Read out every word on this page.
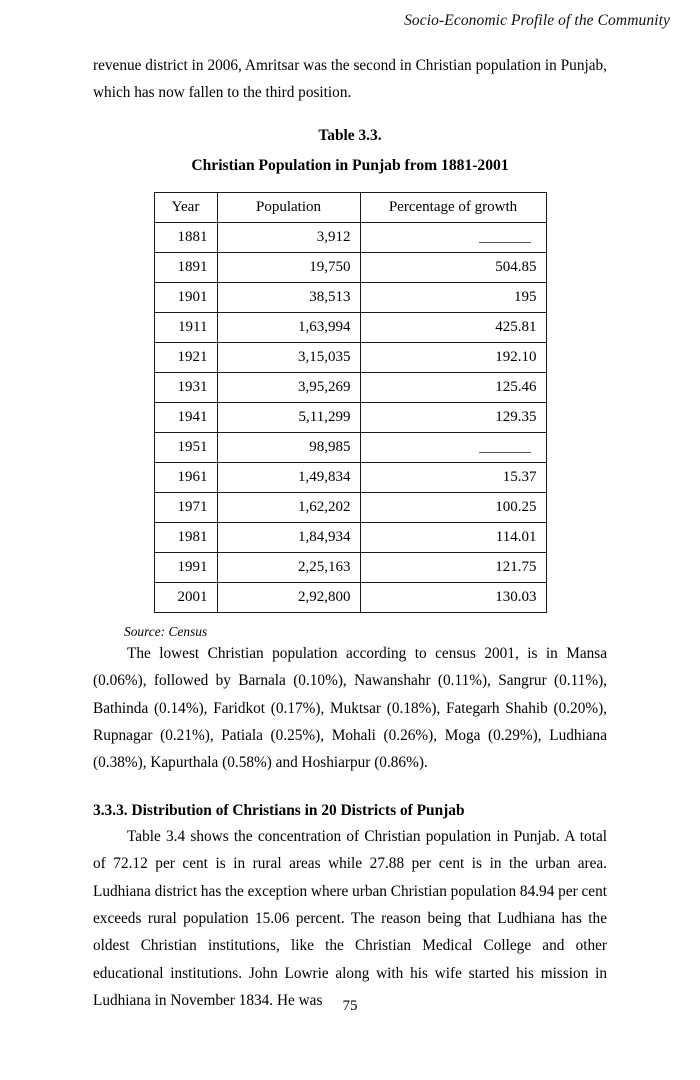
Socio-Economic Profile of the Community

revenue district in 2006, Amritsar was the second in Christian population in Punjab, which has now fallen to the third position.

Table 3.3.
Christian Population in Punjab from 1881-2001
Year	Population	Percentage of growth
1881	3,912	
1891	19,750	504.85
1901	38,513	195
1911	1,63,994	425.81
1921	3,15,035	192.10
1931	3,95,269	125.46
1941	5,11,299	129.35
1951	98,985	
1961	1,49,834	15.37
1971	1,62,202	100.25
1981	1,84,934	114.01
1991	2,25,163	121.75
2001	2,92,800	130.03
Source: Census

The lowest Christian population according to census 2001, is in Mansa (0.06%), followed by Barnala (0.10%), Nawanshahr (0.11%), Sangrur (0.11%), Bathinda (0.14%), Faridkot (0.17%), Muktsar (0.18%), Fategarh Shahib (0.20%), Rupnagar (0.21%), Patiala (0.25%), Mohali (0.26%), Moga (0.29%), Ludhiana (0.38%), Kapurthala (0.58%) and Hoshiarpur (0.86%).

3.3.3. Distribution of Christians in 20 Districts of Punjab

Table 3.4 shows the concentration of Christian population in Punjab. A total of 72.12 per cent is in rural areas while 27.88 per cent is in the urban area. Ludhiana district has the exception where urban Christian population 84.94 per cent exceeds rural population 15.06 percent. The reason being that Ludhiana has the oldest Christian institutions, like the Christian Medical College and other educational institutions. John Lowrie along with his wife started his mission in Ludhiana in November 1834. He was	75
